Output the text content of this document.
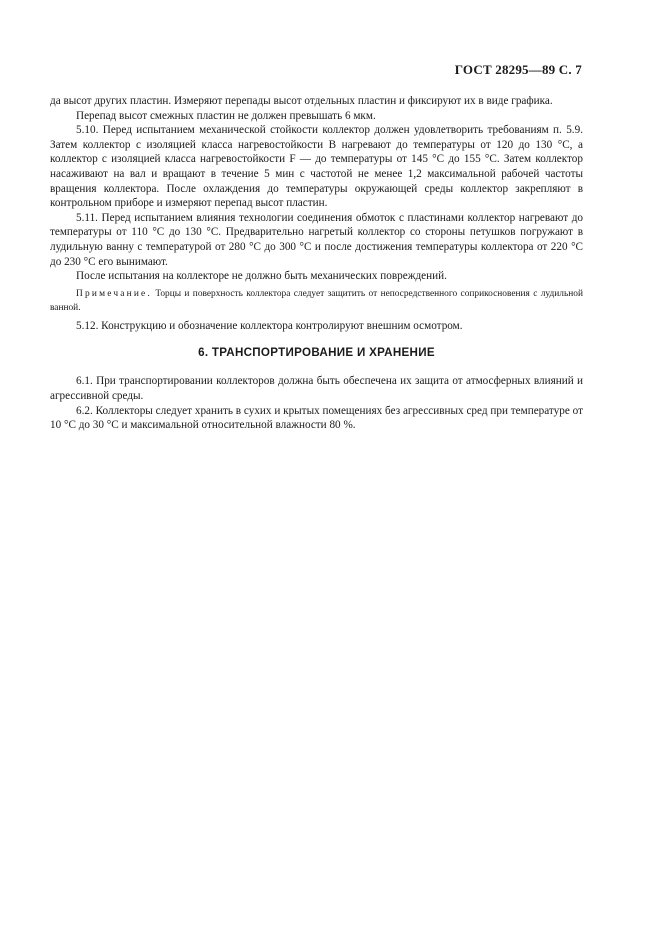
ГОСТ 28295—89 С. 7

да высот других пластин. Измеряют перепады высот отдельных пластин и фиксируют их в виде графика.

Перепад высот смежных пластин не должен превышать 6 мкм.

5.10. Перед испытанием механической стойкости коллектор должен удовлетворить требованиям п. 5.9. Затем коллектор с изоляцией класса нагревостойкости В нагревают до температуры от 120 до 130 °С, а коллектор с изоляцией класса нагревостойкости F — до температуры от 145 °С до 155 °С. Затем коллектор насаживают на вал и вращают в течение 5 мин с частотой не менее 1,2 максимальной рабочей частоты вращения коллектора. После охлаждения до температуры окружающей среды коллектор закрепляют в контрольном приборе и измеряют перепад высот пластин.

5.11. Перед испытанием влияния технологии соединения обмоток с пластинами коллектор нагревают до температуры от 110 °С до 130 °С. Предварительно нагретый коллектор со стороны петушков погружают в лудильную ванну с температурой от 280 °С до 300 °С и после достижения температуры коллектора от 220 °С до 230 °С его вынимают.

После испытания на коллекторе не должно быть механических повреждений.

Примечание. Торцы и поверхность коллектора следует защитить от непосредственного соприкосновения с лудильной ванной.

5.12. Конструкцию и обозначение коллектора контролируют внешним осмотром.

6. ТРАНСПОРТИРОВАНИЕ И ХРАНЕНИЕ

6.1. При транспортировании коллекторов должна быть обеспечена их защита от атмосферных влияний и агрессивной среды.

6.2. Коллекторы следует хранить в сухих и крытых помещениях без агрессивных сред при температуре от 10 °С до 30 °С и максимальной относительной влажности 80 %.
